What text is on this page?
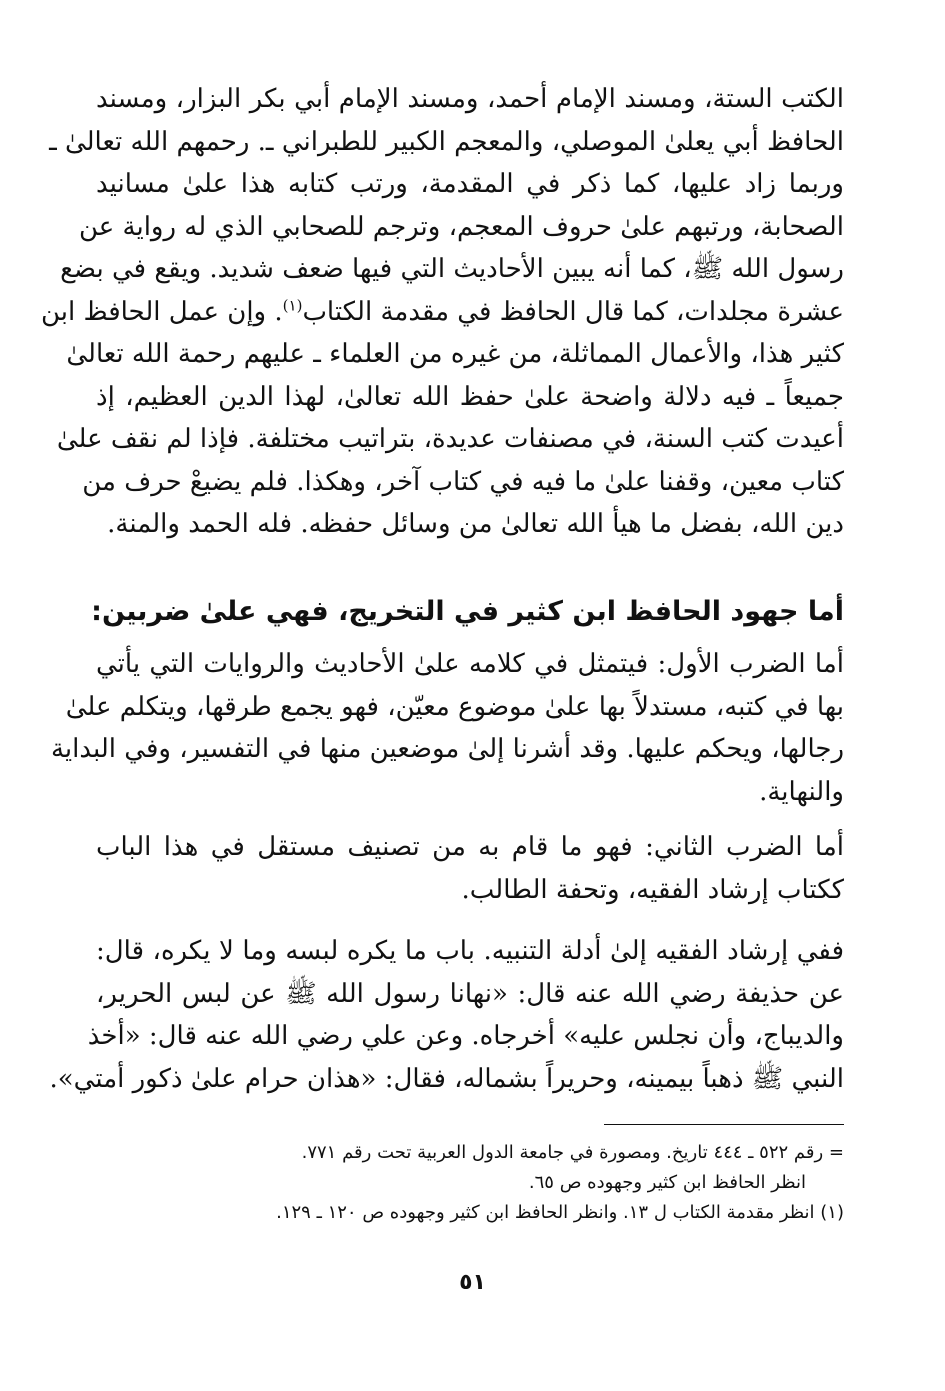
الكتب الستة، ومسند الإمام أحمد، ومسند الإمام أبي بكر البزار، ومسند
الحافظ أبي يعلىٰ الموصلي، والمعجم الكبير للطبراني ـ. رحمهم الله تعالىٰ ـ
وربما زاد عليها، كما ذكر في المقدمة، ورتب كتابه هذا علىٰ مسانيد
الصحابة، ورتبهم علىٰ حروف المعجم، وترجم للصحابي الذي له رواية عن
رسول الله ﷺ، كما أنه يبين الأحاديث التي فيها ضعف شديد. ويقع في بضع
عشرة مجلدات، كما قال الحافظ في مقدمة الكتاب$^{(١)}$. وإن عمل الحافظ ابن
كثير هذا، والأعمال المماثلة، من غيره من العلماء ـ عليهم رحمة الله تعالىٰ
جميعاً ـ فيه دلالة واضحة علىٰ حفظ الله تعالىٰ، لهذا الدين العظيم، إذ
أعيدت كتب السنة، في مصنفات عديدة، بتراتيب مختلفة. فإذا لم نقف علىٰ
كتاب معين، وقفنا علىٰ ما فيه في كتاب آخر، وهكذا. فلم يضيعْ حرف من
دين الله، بفضل ما هيأ الله تعالىٰ من وسائل حفظه. فله الحمد والمنة.
أما جهود الحافظ ابن كثير في التخريج، فهي علىٰ ضربين:
أما الضرب الأول: فيتمثل في كلامه علىٰ الأحاديث والروايات التي يأتي
بها في كتبه، مستدلاً بها علىٰ موضوع معيّن، فهو يجمع طرقها، ويتكلم علىٰ
رجالها، ويحكم عليها. وقد أشرنا إلىٰ موضعين منها في التفسير، وفي البداية
والنهاية.
أما الضرب الثاني: فهو ما قام به من تصنيف مستقل في هذا الباب
ككتاب إرشاد الفقيه، وتحفة الطالب.
ففي إرشاد الفقيه إلىٰ أدلة التنبيه. باب ما يكره لبسه وما لا يكره، قال:
عن حذيفة رضي الله عنه قال: «نهانا رسول الله ﷺ عن لبس الحرير،
والديباج، وأن نجلس عليه» أخرجاه. وعن علي رضي الله عنه قال: «أخذ
النبي ﷺ ذهباً بيمينه، وحريراً بشماله، فقال: «هذان حرام علىٰ ذكور أمتي».
= رقم ٥٢٢ ـ ٤٤٤ تاريخ. ومصورة في جامعة الدول العربية تحت رقم ٧٧١.
انظر الحافظ ابن كثير وجهوده ص ٦٥.
(١) انظر مقدمة الكتاب ل ١٣. وانظر الحافظ ابن كثير وجهوده ص ١٢٠ ـ ١٢٩.
٥١
